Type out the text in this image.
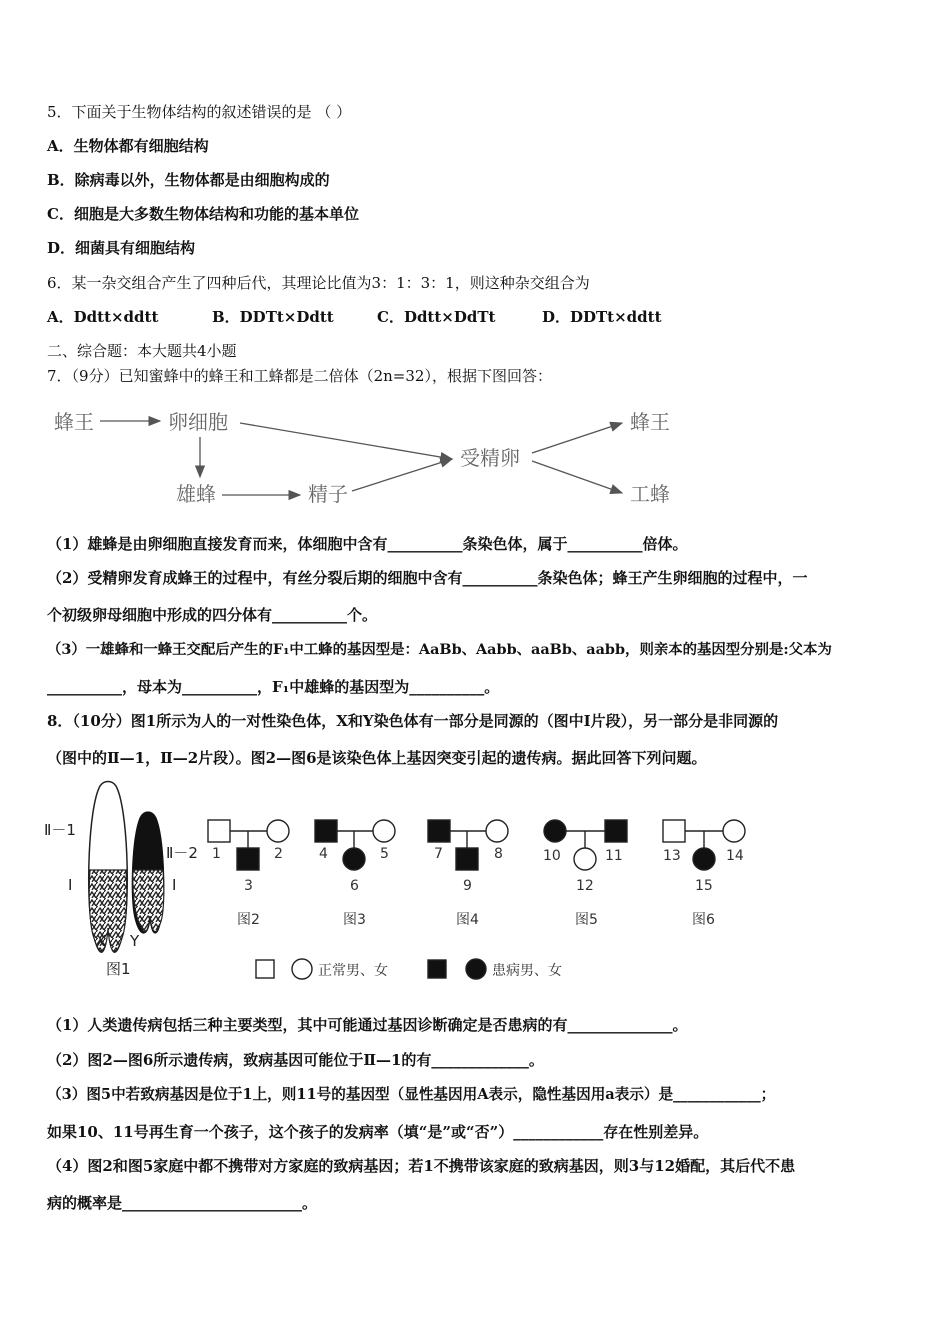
5．下面关于生物体结构的叙述错误的是 （ ）
A．生物体都有细胞结构
B．除病毒以外，生物体都是由细胞构成的
C．细胞是大多数生物体结构和功能的基本单位
D．细菌具有细胞结构
6．某一杂交组合产生了四种后代，其理论比值为3：1：3：1，则这种杂交组合为
A．Ddtt×ddtt	B．DDTt×Ddtt	C．Ddtt×DdTt	D．DDTt×ddtt
二、综合题：本大题共4小题
7．（9分）已知蜜蜂中的蜂王和工蜂都是二倍体（2n=32），根据下图回答：
蜂王	卵细胞
雄蜂	精子
受精卵
蜂王
工蜂
（1）雄蜂是由卵细胞直接发育而来，体细胞中含有__________条染色体，属于__________倍体。
（2）受精卵发育成蜂王的过程中，有丝分裂后期的细胞中含有__________条染色体；蜂王产生卵细胞的过程中，一
个初级卵母细胞中形成的四分体有__________个。
（3）一雄蜂和一蜂王交配后产生的F₁中工蜂的基因型是：AaBb、Aabb、aaBb、aabb，则亲本的基因型分别是:父本为
__________，母本为__________，F₁中雄蜂的基因型为__________。
8．（10分）图1所示为人的一对性染色体，X和Y染色体有一部分是同源的（图中Ⅰ片段），另一部分是非同源的
（图中的Ⅱ—1，Ⅱ—2片段）。图2—图6是该染色体上基因突变引起的遗传病。据此回答下列问题。
Ⅱ－1
Ⅰ
Ⅱ－2
Ⅰ
X Y
图1
1	2
3
4	5
6
7	8
9
10	11
12
13	14
15
图2	图3	图4	图5	图6
正常男、女	患病男、女
（1）人类遗传病包括三种主要类型，其中可能通过基因诊断确定是否患病的有______________。
（2）图2—图6所示遗传病，致病基因可能位于Ⅱ—1的有_____________。
（3）图5中若致病基因是位于1上，则11号的基因型（显性基因用A表示，隐性基因用a表示）是____________；
如果10、11号再生育一个孩子，这个孩子的发病率（填“是”或“否”）____________存在性别差异。
（4）图2和图5家庭中都不携带对方家庭的致病基因；若1不携带该家庭的致病基因，则3与12婚配，其后代不患
病的概率是________________________。
